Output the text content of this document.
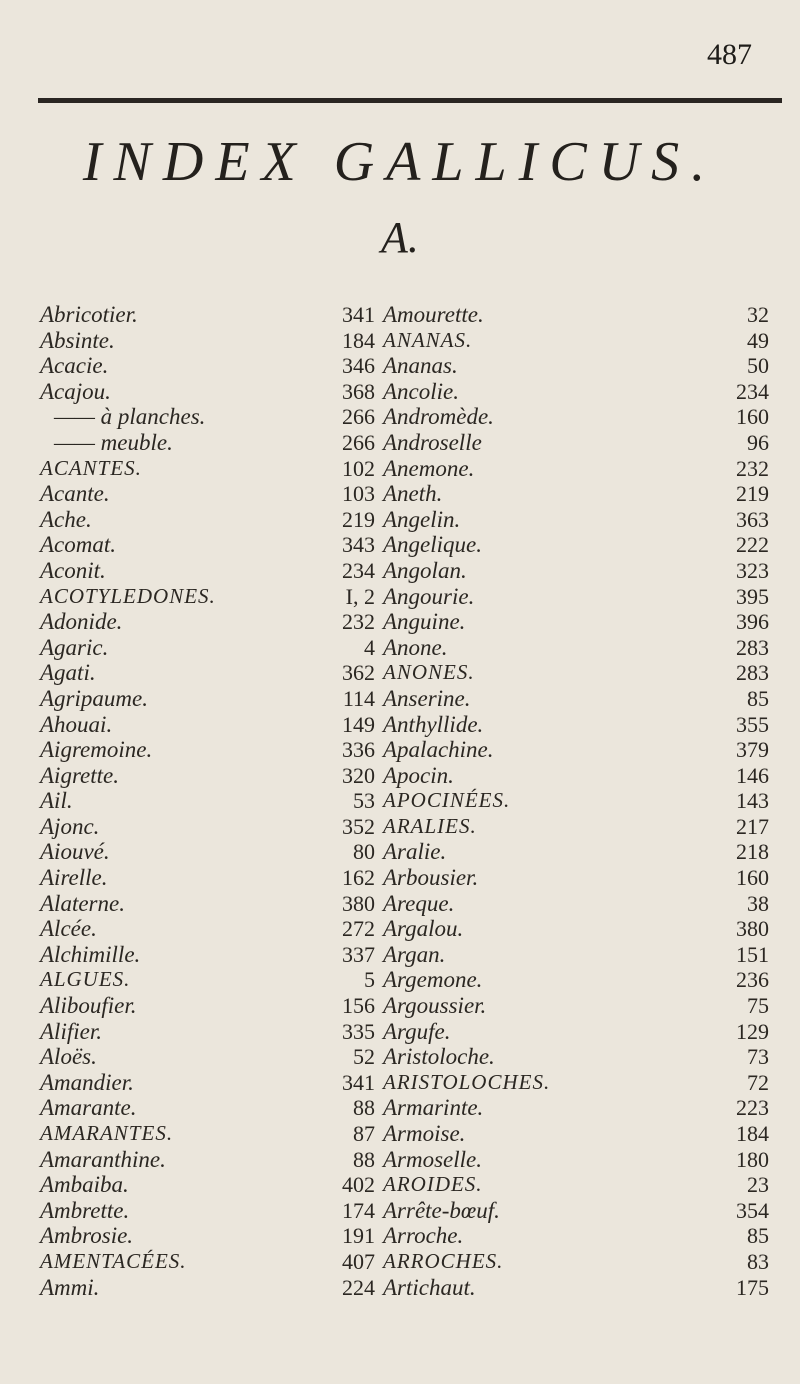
487
INDEX GALLICUS.
A.
Abricotier.	341
Absinte.	184
Acacie.	346
Acajou.	368
—— à planches.	266
—— meuble.	266
ACANTES.	102
Acante.	103
Ache.	219
Acomat.	343
Aconit.	234
ACOTYLEDONES.	I, 2
Adonide.	232
Agaric.	4
Agati.	362
Agripaume.	114
Ahouai.	149
Aigremoine.	336
Aigrette.	320
Ail.	53
Ajonc.	352
Aiouvé.	80
Airelle.	162
Alaterne.	380
Alcée.	272
Alchimille.	337
ALGUES.	5
Aliboufier.	156
Alifier.	335
Aloës.	52
Amandier.	341
Amarante.	88
AMARANTES.	87
Amaranthine.	88
Ambaiba.	402
Ambrette.	174
Ambrosie.	191
AMENTACÉES.	407
Ammi.	224
Amourette.	32
ANANAS.	49
Ananas.	50
Ancolie.	234
Andromède.	160
Androselle	96
Anemone.	232
Aneth.	219
Angelin.	363
Angelique.	222
Angolan.	323
Angourie.	395
Anguine.	396
Anone.	283
ANONES.	283
Anserine.	85
Anthyllide.	355
Apalachine.	379
Apocin.	146
APOCINÉES.	143
ARALIES.	217
Aralie.	218
Arbousier.	160
Areque.	38
Argalou.	380
Argan.	151
Argemone.	236
Argoussier.	75
Argufe.	129
Aristoloche.	73
ARISTOLOCHES.	72
Armarinte.	223
Armoise.	184
Armoselle.	180
AROIDES.	23
Arrête-bœuf.	354
Arroche.	85
ARROCHES.	83
Artichaut.	175
